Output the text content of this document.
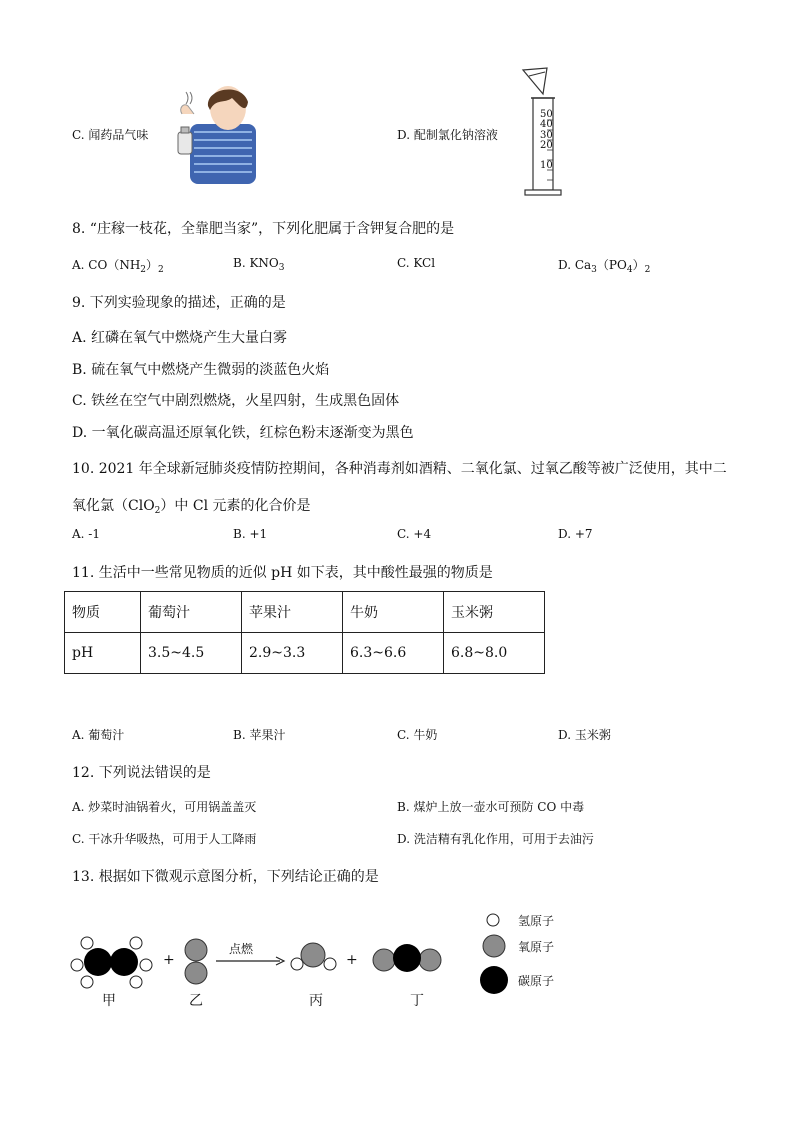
C. 闻药品气味	D. 配制氯化钠溶液
50
40
30
20
10
8. “庄稼一枝花，全靠肥当家”，下列化肥属于含钾复合肥的是
A. $CO(NH_2)_2$	B. $KNO_3$	C. KCl	D. $Ca_3(PO_4)_2$
9. 下列实验现象的描述，正确的是
A. 红磷在氧气中燃烧产生大量白雾
B. 硫在氧气中燃烧产生微弱的淡蓝色火焰
C. 铁丝在空气中剧烈燃烧，火星四射，生成黑色固体
D. 一氧化碳高温还原氧化铁，红棕色粉末逐渐变为黑色
10. 2021 年全球新冠肺炎疫情防控期间，各种消毒剂如酒精、二氧化氯、过氧乙酸等被广泛使用，其中二
氧化氯（ClO$_2$）中 Cl 元素的化合价是
A. -1	B. +1	C. +4	D. +7
11. 生活中一些常见物质的近似 pH 如下表，其中酸性最强的物质是
物质	葡萄汁	苹果汁	牛奶	玉米粥
pH	3.5~4.5	2.9~3.3	6.3~6.6	6.8~8.0
A. 葡萄汁	B. 苹果汁	C. 牛奶	D. 玉米粥
12. 下列说法错误的是
A. 炒菜时油锅着火，可用锅盖盖灭	B. 煤炉上放一壶水可预防 CO 中毒
C. 干冰升华吸热，可用于人工降雨	D. 洗洁精有乳化作用，可用于去油污
13. 根据如下微观示意图分析，下列结论正确的是
甲
+
乙
点燃
丙
+
丁
氢原子
氧原子
碳原子
